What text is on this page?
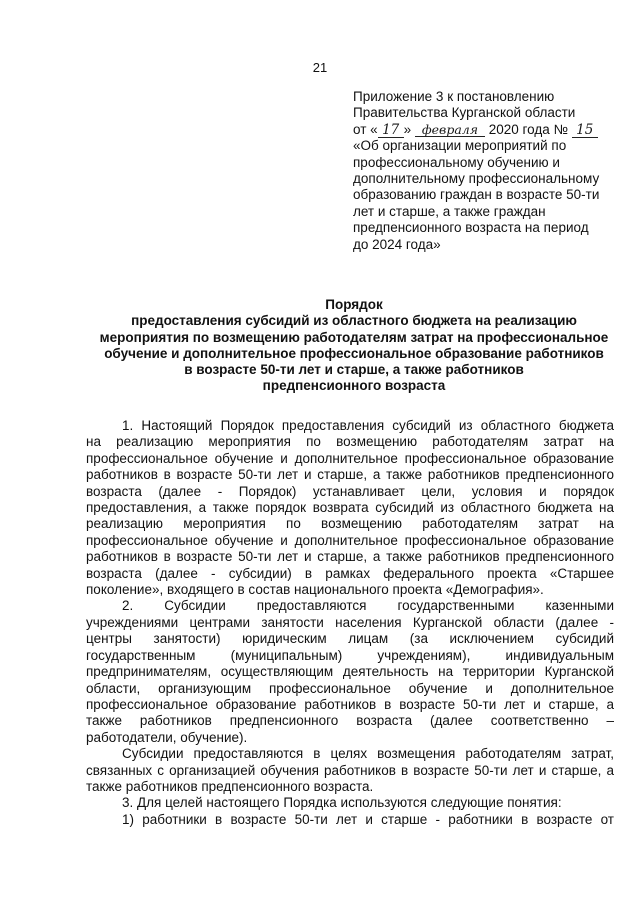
21
Приложение 3 к постановлению
Правительства Курганской области
от « 17 » февраля 2020 года № 15
«Об организации мероприятий по
профессиональному обучению и
дополнительному профессиональному
образованию граждан в возрасте 50-ти
лет и старше, а также граждан
предпенсионного возраста на период
до 2024 года»
Порядок
предоставления субсидий из областного бюджета на реализацию
мероприятия по возмещению работодателям затрат на профессиональное
обучение и дополнительное профессиональное образование работников
в возрасте 50-ти лет и старше, а также работников
предпенсионного возраста

1. Настоящий Порядок предоставления субсидий из областного бюджета
на реализацию мероприятия по возмещению работодателям затрат на
профессиональное обучение и дополнительное профессиональное образование
работников в возрасте 50-ти лет и старше, а также работников предпенсионного
возраста (далее - Порядок) устанавливает цели, условия и порядок
предоставления, а также порядок возврата субсидий из областного бюджета на
реализацию мероприятия по возмещению работодателям затрат на
профессиональное обучение и дополнительное профессиональное образование
работников в возрасте 50-ти лет и старше, а также работников предпенсионного
возраста (далее - субсидии) в рамках федерального проекта «Старшее
поколение», входящего в состав национального проекта «Демография».

2. Субсидии предоставляются государственными казенными
учреждениями центрами занятости населения Курганской области (далее -
центры занятости) юридическим лицам (за исключением субсидий
государственным (муниципальным) учреждениям), индивидуальным
предпринимателям, осуществляющим деятельность на территории Курганской
области, организующим профессиональное обучение и дополнительное
профессиональное образование работников в возрасте 50-ти лет и старше, а
также работников предпенсионного возраста (далее соответственно –
работодатели, обучение).

Субсидии предоставляются в целях возмещения работодателям затрат,
связанных с организацией обучения работников в возрасте 50-ти лет и старше, а
также работников предпенсионного возраста.

3. Для целей настоящего Порядка используются следующие понятия:

1) работники в возрасте 50-ти лет и старше - работники в возрасте от
